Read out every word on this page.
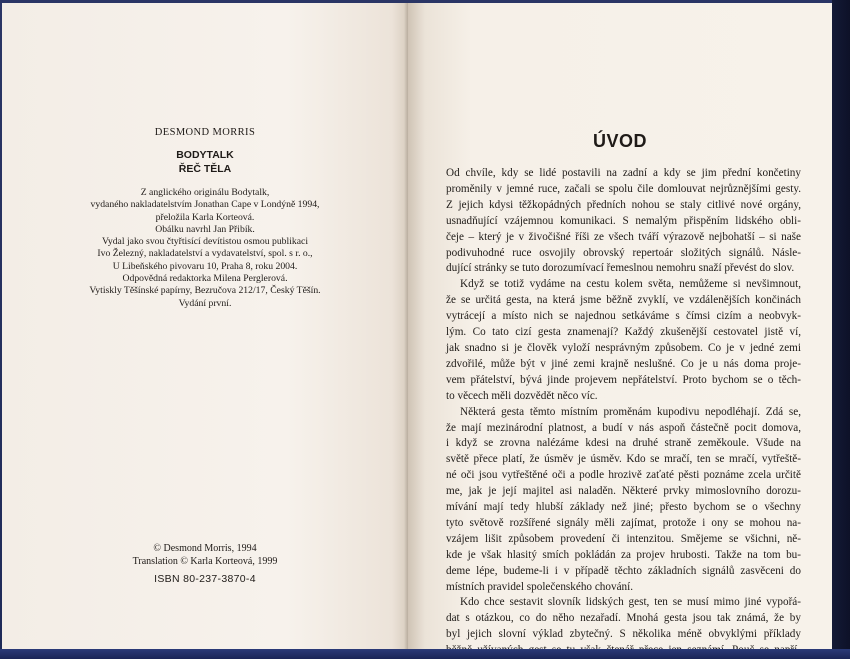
DESMOND MORRIS
BODYTALK
ŘEČ TĚLA
Z anglického originálu Bodytalk,
vydaného nakladatelstvím Jonathan Cape v Londýně 1994,
přeložila Karla Korteová.
Obálku navrhl Jan Přibík.
Vydal jako svou čtyřtisící devítistou osmou publikaci
Ivo Železný, nakladatelství a vydavatelství, spol. s r. o.,
U Libeňského pivovaru 10, Praha 8, roku 2004.
Odpovědná redaktorka Milena Perglerová.
Vytiskly Těšínské papírny, Bezručova 212/17, Český Těšín.
Vydání první.
© Desmond Morris, 1994
Translation © Karla Korteová, 1999
ISBN 80-237-3870-4
ÚVOD

Od chvíle, kdy se lidé postavili na zadní a kdy se jim přední končetiny

proměnily v jemné ruce, začali se spolu čile domlouvat nejrůznějšími gesty.

Z jejich kdysi těžkopádných předních nohou se staly citlivé nové orgány,

usnadňující vzájemnou komunikaci. S nemalým přispěním lidského obli-

čeje – který je v živočišné říši ze všech tváří výrazově nejbohatší – si naše

podivuhodné ruce osvojily obrovský repertoár složitých signálů. Násle-

dující stránky se tuto dorozumívací řemeslnou nemohru snaží převést do slov.

Když se totiž vydáme na cestu kolem světa, nemůžeme si nevšimnout,

že se určitá gesta, na která jsme běžně zvyklí, ve vzdálenějších končinách

vytrácejí a místo nich se najednou setkáváme s čímsi cizím a neobvyk-

lým. Co tato cizí gesta znamenají? Každý zkušenější cestovatel jistě ví,

jak snadno si je člověk vyloží nesprávným způsobem. Co je v jedné zemi

zdvořilé, může být v jiné zemi krajně neslušné. Co je u nás doma proje-

vem přátelství, bývá jinde projevem nepřátelství. Proto bychom se o těch-

to věcech měli dozvědět něco víc.

Některá gesta těmto místním proměnám kupodivu nepodléhají. Zdá se,

že mají mezinárodní platnost, a budí v nás aspoň částečně pocit domova,

i když se zrovna nalézáme kdesi na druhé straně zeměkoule. Všude na

světě přece platí, že úsměv je úsměv. Kdo se mračí, ten se mračí, vytřeště-

né oči jsou vytřeštěné oči a podle hrozivě zaťaté pěsti poznáme zcela určitě

me, jak je její majitel asi naladěn. Některé prvky mimoslovního dorozu-

mívání mají tedy hlubší základy než jiné; přesto bychom se o všechny

tyto světově rozšířené signály měli zajímat, protože i ony se mohou na-

vzájem lišit způsobem provedení či intenzitou. Smějeme se všichni, ně-

kde je však hlasitý smích pokládán za projev hrubosti. Takže na tom bu-

deme lépe, budeme-li i v případě těchto základních signálů zasvěceni do

místních pravidel společenského chování.

Kdo chce sestavit slovník lidských gest, ten se musí mimo jiné vypořá-

dat s otázkou, co do něho nezařadí. Mnohá gesta jsou tak známá, že by

byl jejich slovní výklad zbytečný. S několika méně obvyklými příklady
